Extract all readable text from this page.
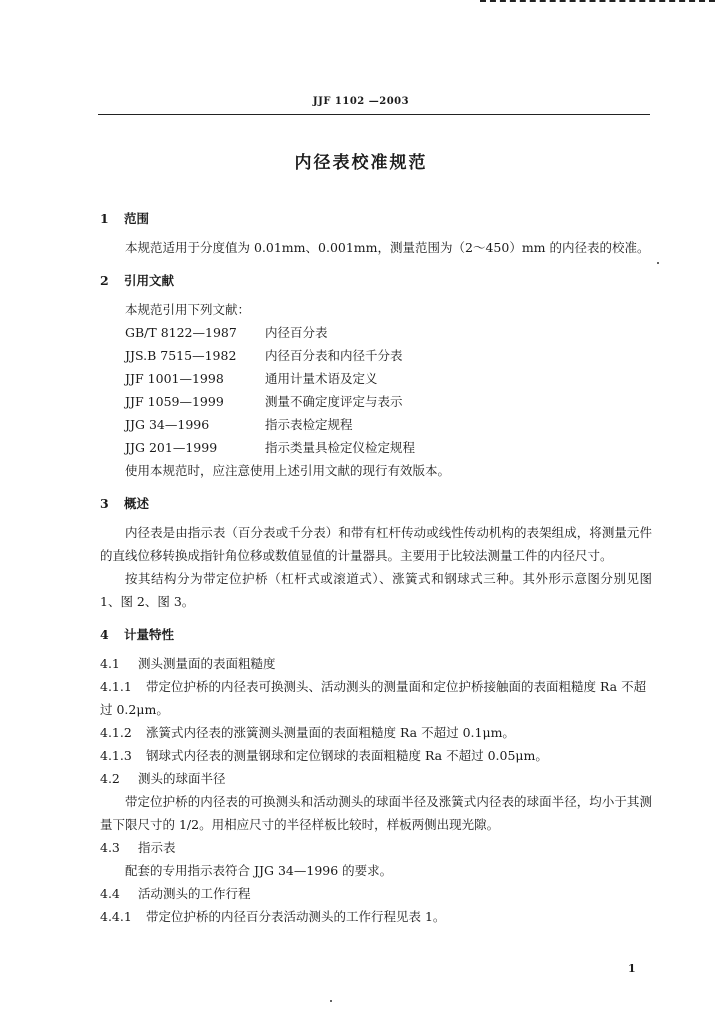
JJF 1102 —2003
内径表校准规范

1 范围

本规范适用于分度值为 0.01mm、0.001mm，测量范围为（2～450）mm 的内径表的校准。

2 引用文献

本规范引用下列文献：

GB/T 8122—1987 内径百分表

JJS.B 7515—1982 内径百分表和内径千分表

JJF 1001—1998	通用计量术语及定义

JJF 1059—1999	测量不确定度评定与表示

JJG 34—1996	指示表检定规程

JJG 201—1999	指示类量具检定仪检定规程

使用本规范时，应注意使用上述引用文献的现行有效版本。

3 概述

内径表是由指示表（百分表或千分表）和带有杠杆传动或线性传动机构的表架组成，将测量元件的直线位移转换成指针角位移或数值显值的计量器具。主要用于比较法测量工件的内径尺寸。

按其结构分为带定位护桥（杠杆式或滚道式）、涨簧式和钢球式三种。其外形示意图分别见图 1、图 2、图 3。

4 计量特性

4.1 测头测量面的表面粗糙度

4.1.1 带定位护桥的内径表可换测头、活动测头的测量面和定位护桥接触面的表面粗糙度 Ra 不超过 0.2μm。

4.1.2 涨簧式内径表的涨簧测头测量面的表面粗糙度 Ra 不超过 0.1μm。

4.1.3 钢球式内径表的测量钢球和定位钢球的表面粗糙度 Ra 不超过 0.05μm。

4.2 测头的球面半径

带定位护桥的内径表的可换测头和活动测头的球面半径及涨簧式内径表的球面半径，均小于其测量下限尺寸的 1/2。用相应尺寸的半径样板比较时，样板两侧出现光隙。

4.3 指示表

配套的专用指示表符合 JJG 34—1996 的要求。

4.4 活动测头的工作行程

4.4.1 带定位护桥的内径百分表活动测头的工作行程见表 1。

1
